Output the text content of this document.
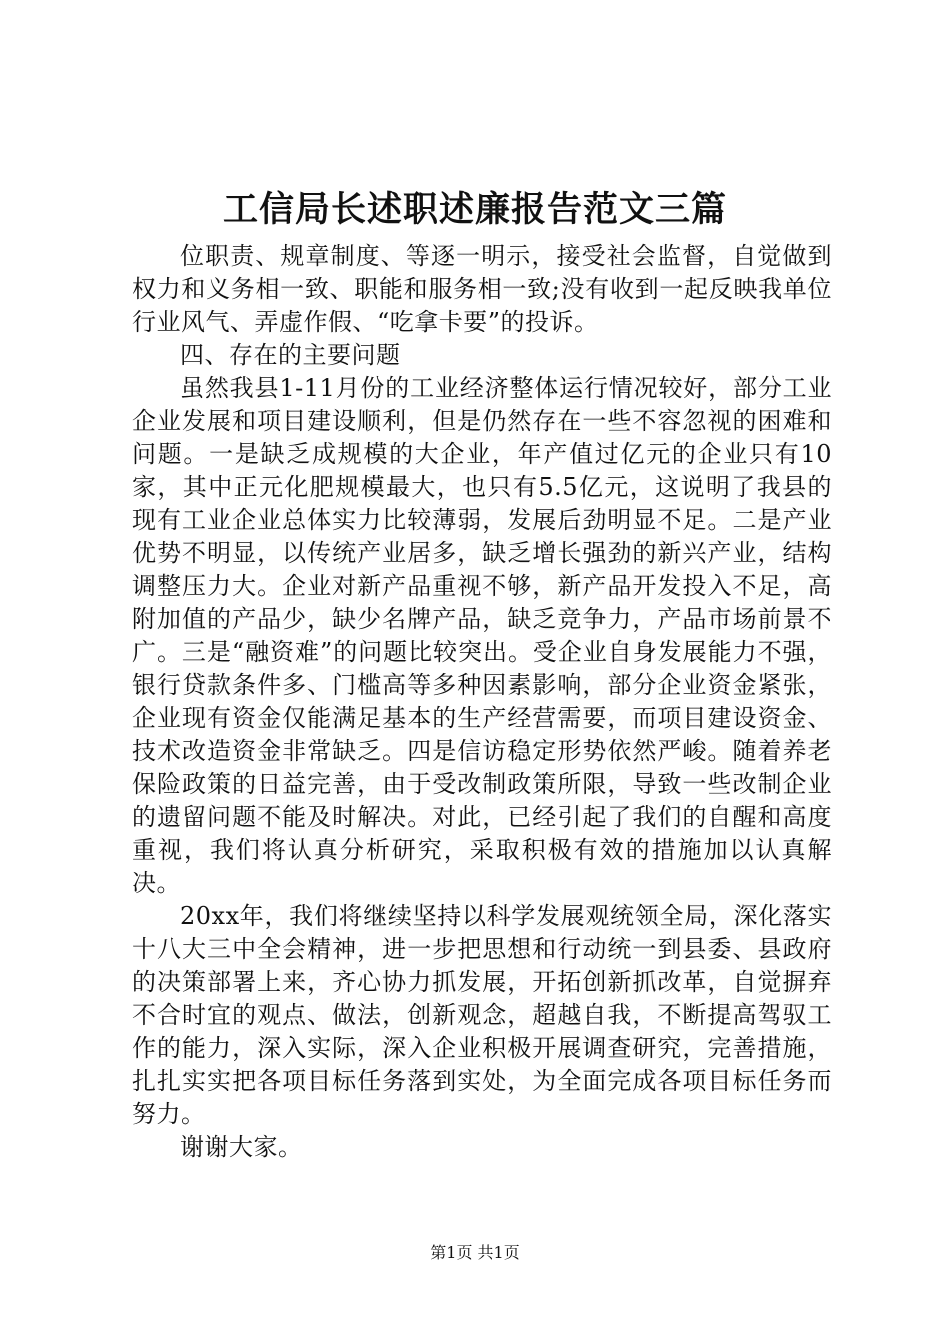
工信局长述职述廉报告范文三篇

位职责、规章制度、等逐一明示，接受社会监督，自觉做到权力和义务相一致、职能和服务相一致;没有收到一起反映我单位行业风气、弄虚作假、“吃拿卡要”的投诉。

四、存在的主要问题

虽然我县1-11月份的工业经济整体运行情况较好，部分工业企业发展和项目建设顺利，但是仍然存在一些不容忽视的困难和问题。一是缺乏成规模的大企业，年产值过亿元的企业只有10家，其中正元化肥规模最大，也只有5.5亿元，这说明了我县的现有工业企业总体实力比较薄弱，发展后劲明显不足。二是产业优势不明显，以传统产业居多，缺乏增长强劲的新兴产业，结构调整压力大。企业对新产品重视不够，新产品开发投入不足，高附加值的产品少，缺少名牌产品，缺乏竞争力，产品市场前景不广。三是“融资难”的问题比较突出。受企业自身发展能力不强，银行贷款条件多、门槛高等多种因素影响，部分企业资金紧张，企业现有资金仅能满足基本的生产经营需要，而项目建设资金、技术改造资金非常缺乏。四是信访稳定形势依然严峻。随着养老保险政策的日益完善，由于受改制政策所限，导致一些改制企业的遗留问题不能及时解决。对此，已经引起了我们的自醒和高度重视，我们将认真分析研究，采取积极有效的措施加以认真解决。

20xx年，我们将继续坚持以科学发展观统领全局，深化落实十八大三中全会精神，进一步把思想和行动统一到县委、县政府的决策部署上来，齐心协力抓发展，开拓创新抓改革，自觉摒弃不合时宜的观点、做法，创新观念，超越自我，不断提高驾驭工作的能力，深入实际，深入企业积极开展调查研究，完善措施，扎扎实实把各项目标任务落到实处，为全面完成各项目标任务而努力。

谢谢大家。

第1页 共1页
